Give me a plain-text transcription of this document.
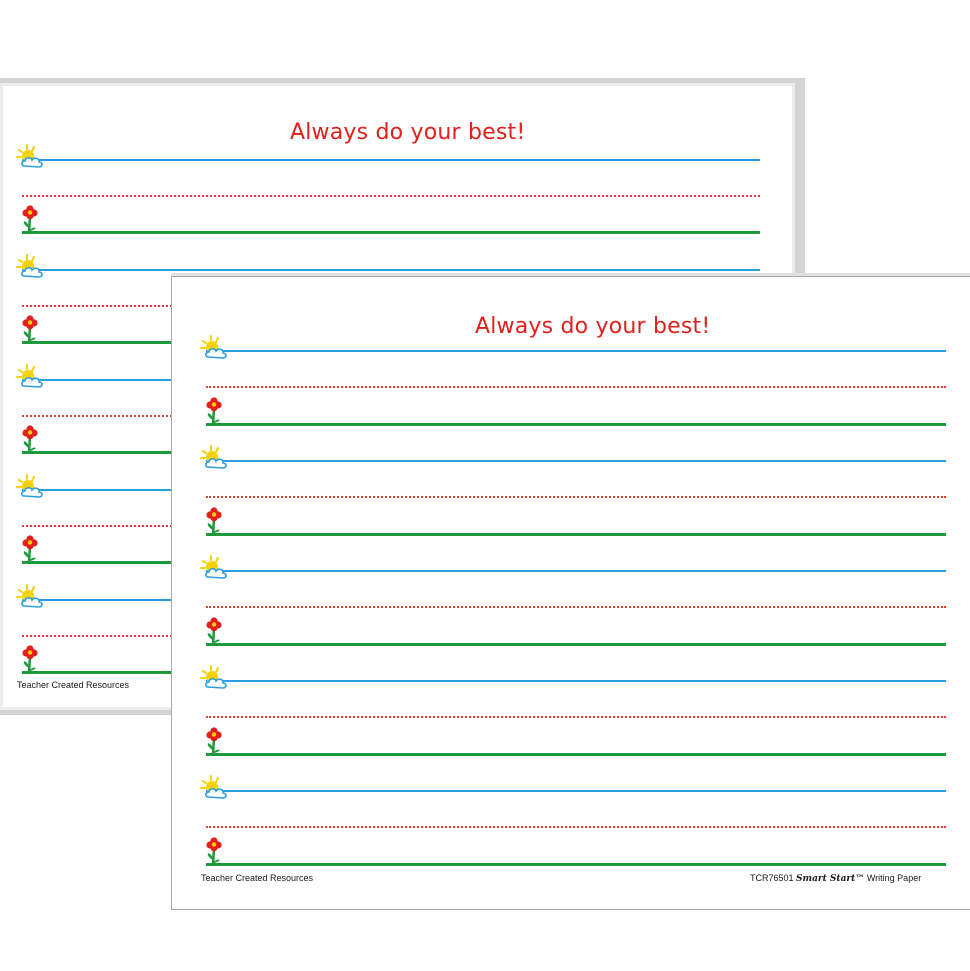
Always do your best!
Teacher Created Resources
Always do your best!
Teacher Created Resources	TCR76501 Smart Start™ Writing Paper
